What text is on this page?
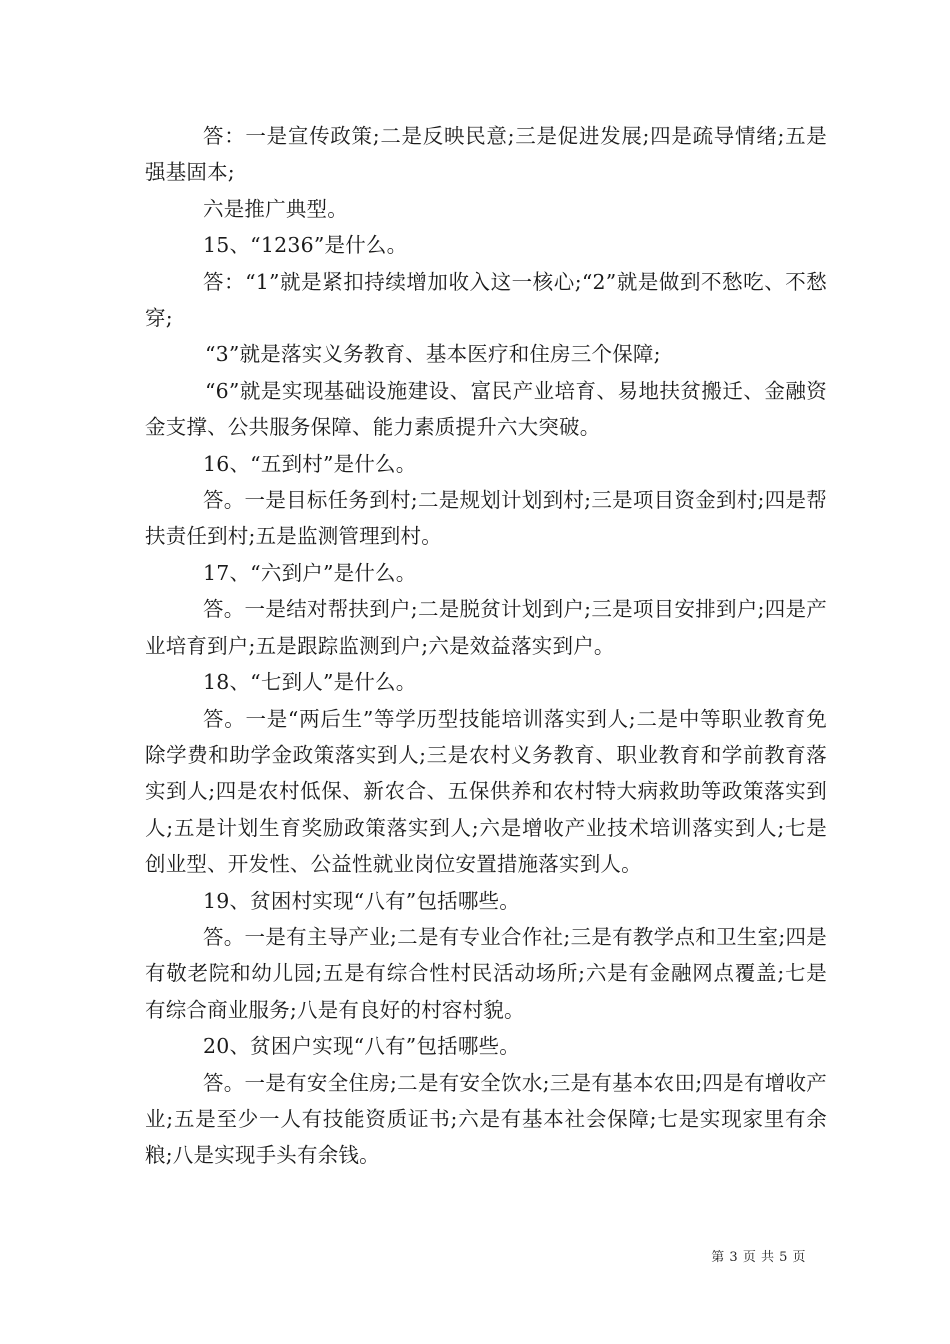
答：一是宣传政策;二是反映民意;三是促进发展;四是疏导情绪;五是强基固本;

六是推广典型。

15、“1236”是什么。

答：“1”就是紧扣持续增加收入这一核心;“2”就是做到不愁吃、不愁穿;

“3”就是落实义务教育、基本医疗和住房三个保障;

“6”就是实现基础设施建设、富民产业培育、易地扶贫搬迁、金融资金支撑、公共服务保障、能力素质提升六大突破。

16、“五到村”是什么。

答。一是目标任务到村;二是规划计划到村;三是项目资金到村;四是帮扶责任到村;五是监测管理到村。

17、“六到户”是什么。

答。一是结对帮扶到户;二是脱贫计划到户;三是项目安排到户;四是产业培育到户;五是跟踪监测到户;六是效益落实到户。

18、“七到人”是什么。

答。一是“两后生”等学历型技能培训落实到人;二是中等职业教育免除学费和助学金政策落实到人;三是农村义务教育、职业教育和学前教育落实到人;四是农村低保、新农合、五保供养和农村特大病救助等政策落实到人;五是计划生育奖励政策落实到人;六是增收产业技术培训落实到人;七是创业型、开发性、公益性就业岗位安置措施落实到人。

19、贫困村实现“八有”包括哪些。

答。一是有主导产业;二是有专业合作社;三是有教学点和卫生室;四是有敬老院和幼儿园;五是有综合性村民活动场所;六是有金融网点覆盖;七是有综合商业服务;八是有良好的村容村貌。

20、贫困户实现“八有”包括哪些。

答。一是有安全住房;二是有安全饮水;三是有基本农田;四是有增收产业;五是至少一人有技能资质证书;六是有基本社会保障;七是实现家里有余粮;八是实现手头有余钱。

第 3 页 共 5 页
